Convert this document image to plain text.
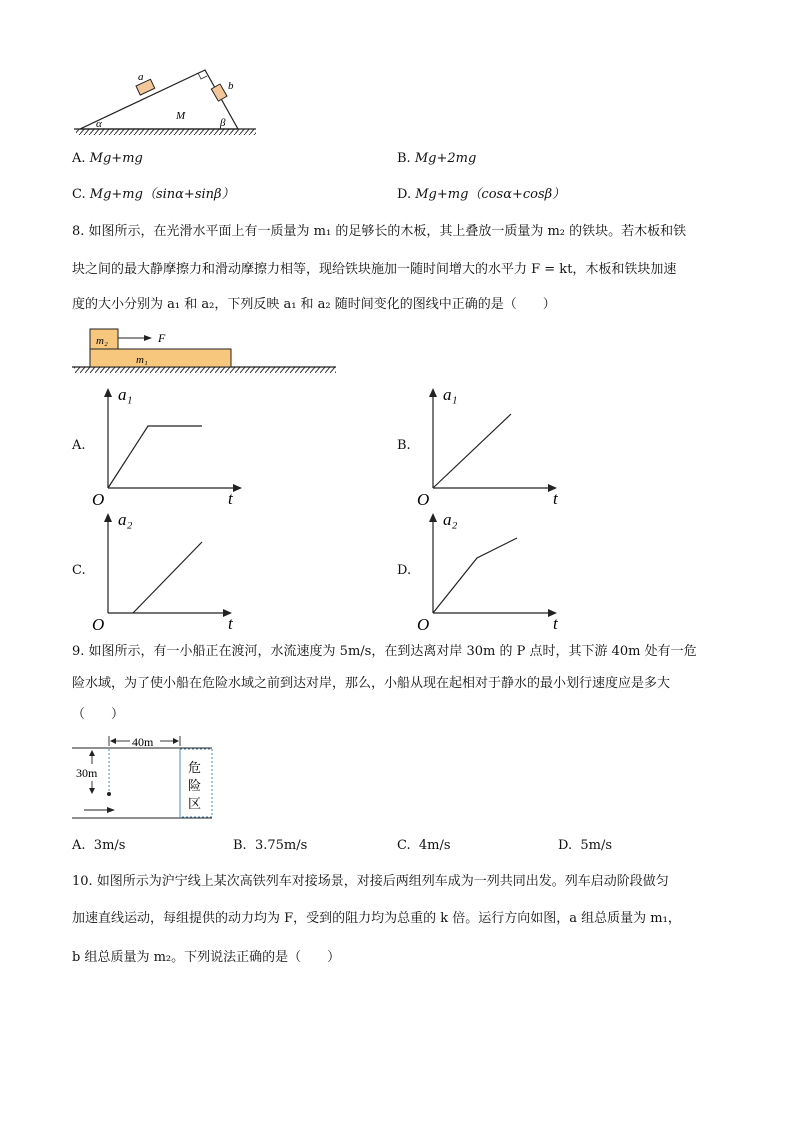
a
b
M
α	β
A. Mg+mg	B. Mg+2mg
C. Mg+mg（sinα+sinβ）	D. Mg+mg（cosα+cosβ）
8. 如图所示，在光滑水平面上有一质量为 m₁ 的足够长的木板，其上叠放一质量为 m₂ 的铁块。若木板和铁
块之间的最大静摩擦力和滑动摩擦力相等，现给铁块施加一随时间增大的水平力 F = kt，木板和铁块加速
度的大小分别为 a₁ 和 a₂，下列反映 a₁ 和 a₂ 随时间变化的图线中正确的是（　　）
m₂
m₁
F
A.
a₁
t
O
B.
a₁
t
O
C.
a₂
t
O
D.
a₂
t
O
9. 如图所示，有一小船正在渡河，水流速度为 5m/s，在到达离对岸 30m 的 P 点时，其下游 40m 处有一危
险水域，为了使小船在危险水域之前到达对岸，那么，小船从现在起相对于静水的最小划行速度应是多大
（　　）
40m
30m	危
险
区
A. 3m/s	B. 3.75m/s	C. 4m/s	D. 5m/s
10. 如图所示为沪宁线上某次高铁列车对接场景，对接后两组列车成为一列共同出发。列车启动阶段做匀
加速直线运动，每组提供的动力均为 F，受到的阻力均为总重的 k 倍。运行方向如图，a 组总质量为 m₁，
b 组总质量为 m₂。下列说法正确的是（　　）
